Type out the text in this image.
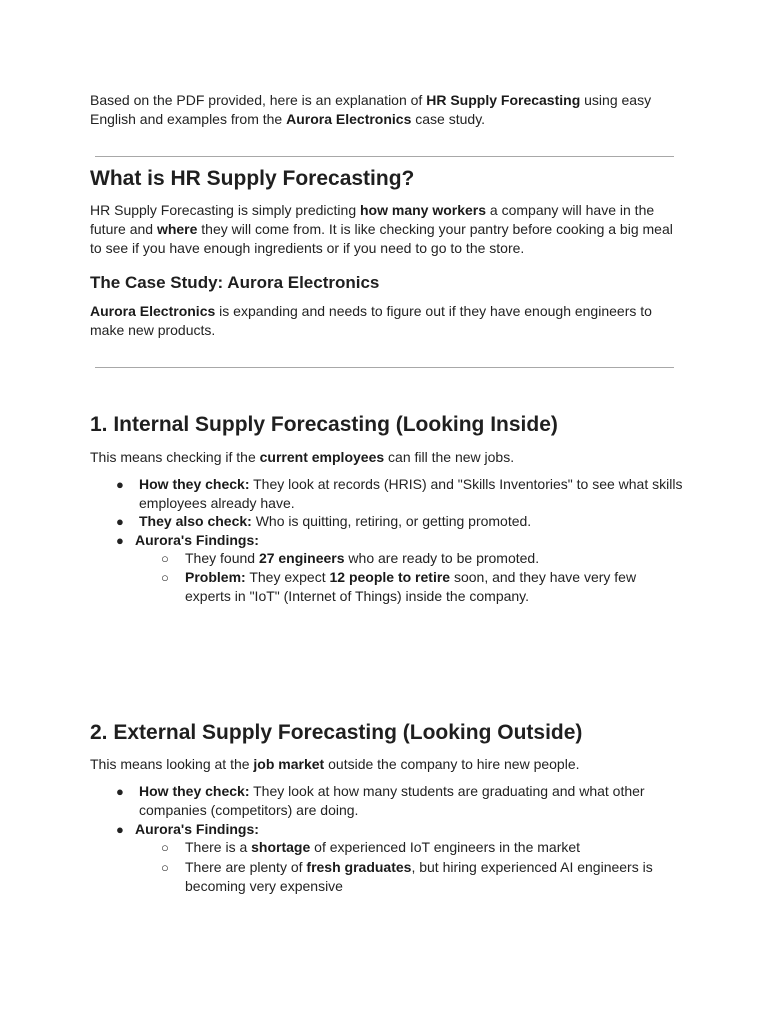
Based on the PDF provided, here is an explanation of HR Supply Forecasting using easy English and examples from the Aurora Electronics case study.

What is HR Supply Forecasting?

HR Supply Forecasting is simply predicting how many workers a company will have in the future and where they will come from. It is like checking your pantry before cooking a big meal to see if you have enough ingredients or if you need to go to the store.

The Case Study: Aurora Electronics

Aurora Electronics is expanding and needs to figure out if they have enough engineers to make new products.

1. Internal Supply Forecasting (Looking Inside)

This means checking if the current employees can fill the new jobs.

● How they check: They look at records (HRIS) and "Skills Inventories" to see what skills employees already have.

● They also check: Who is quitting, retiring, or getting promoted.

● Aurora's Findings:

○ They found 27 engineers who are ready to be promoted.

○ Problem: They expect 12 people to retire soon, and they have very few experts in "IoT" (Internet of Things) inside the company.

2. External Supply Forecasting (Looking Outside)

This means looking at the job market outside the company to hire new people.

● How they check: They look at how many students are graduating and what other companies (competitors) are doing.

● Aurora's Findings:

○ There is a shortage of experienced IoT engineers in the market

○ There are plenty of fresh graduates, but hiring experienced AI engineers is becoming very expensive
